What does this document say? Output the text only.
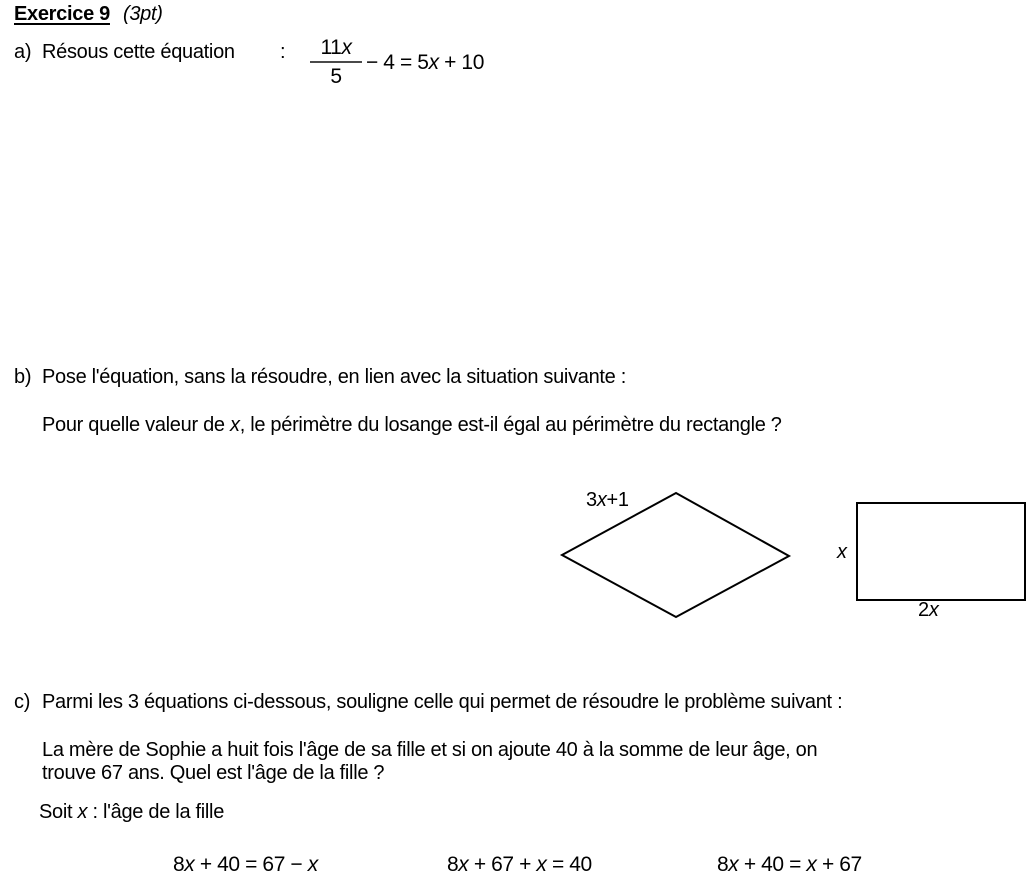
Exercice 9 (3pt)
a) Résous cette équation : $\frac{11x}{5} - 4 = 5x + 10$
b) Pose l'équation, sans la résoudre, en lien avec la situation suivante :
Pour quelle valeur de x, le périmètre du losange est-il égal au périmètre du rectangle ?
3x+1
x
2x
c) Parmi les 3 équations ci-dessous, souligne celle qui permet de résoudre le problème suivant :
La mère de Sophie a huit fois l'âge de sa fille et si on ajoute 40 à la somme de leur âge, on
trouve 67 ans. Quel est l'âge de la fille ?
Soit x : l'âge de la fille
8x + 40 = 67 − x	8x + 67 + x = 40	8x + 40 = x + 67
